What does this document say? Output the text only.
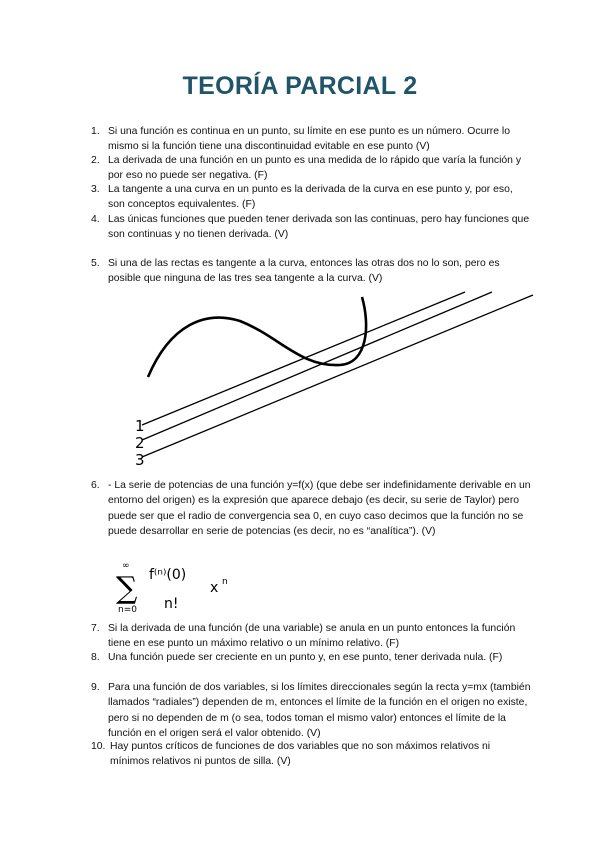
TEORÍA PARCIAL 2
1. Si una función es continua en un punto, su límite en ese punto es un número. Ocurre lo mismo si la función tiene una discontinuidad evitable en ese punto (V)
2. La derivada de una función en un punto es una medida de lo rápido que varía la función y por eso no puede ser negativa. (F)
3. La tangente a una curva en un punto es la derivada de la curva en ese punto y, por eso, son conceptos equivalentes. (F)
4. Las únicas funciones que pueden tener derivada son las continuas, pero hay funciones que son continuas y no tienen derivada. (V)
5. Si una de las rectas es tangente a la curva, entonces las otras dos no lo son, pero es posible que ninguna de las tres sea tangente a la curva. (V)
1
2
3
6. - La serie de potencias de una función y=f(x) (que debe ser indefinidamente derivable en un entorno del origen) es la expresión que aparece debajo (es decir, su serie de Taylor) pero puede ser que el radio de convergencia sea 0, en cuyo caso decimos que la función no se puede desarrollar en serie de potencias (es decir, no es “analítica”). (V)
∞
∑
n=0
f⁽ⁿ⁾(0)
n!
x n
7. Si la derivada de una función (de una variable) se anula en un punto entonces la función tiene en ese punto un máximo relativo o un mínimo relativo. (F)
8. Una función puede ser creciente en un punto y, en ese punto, tener derivada nula. (F)
9. Para una función de dos variables, si los límites direccionales según la recta y=mx (también llamados “radiales”) dependen de m, entonces el límite de la función en el origen no existe, pero si no dependen de m (o sea, todos toman el mismo valor) entonces el límite de la función en el origen será el valor obtenido. (V)
10. Hay puntos críticos de funciones de dos variables que no son máximos relativos ni mínimos relativos ni puntos de silla. (V)
